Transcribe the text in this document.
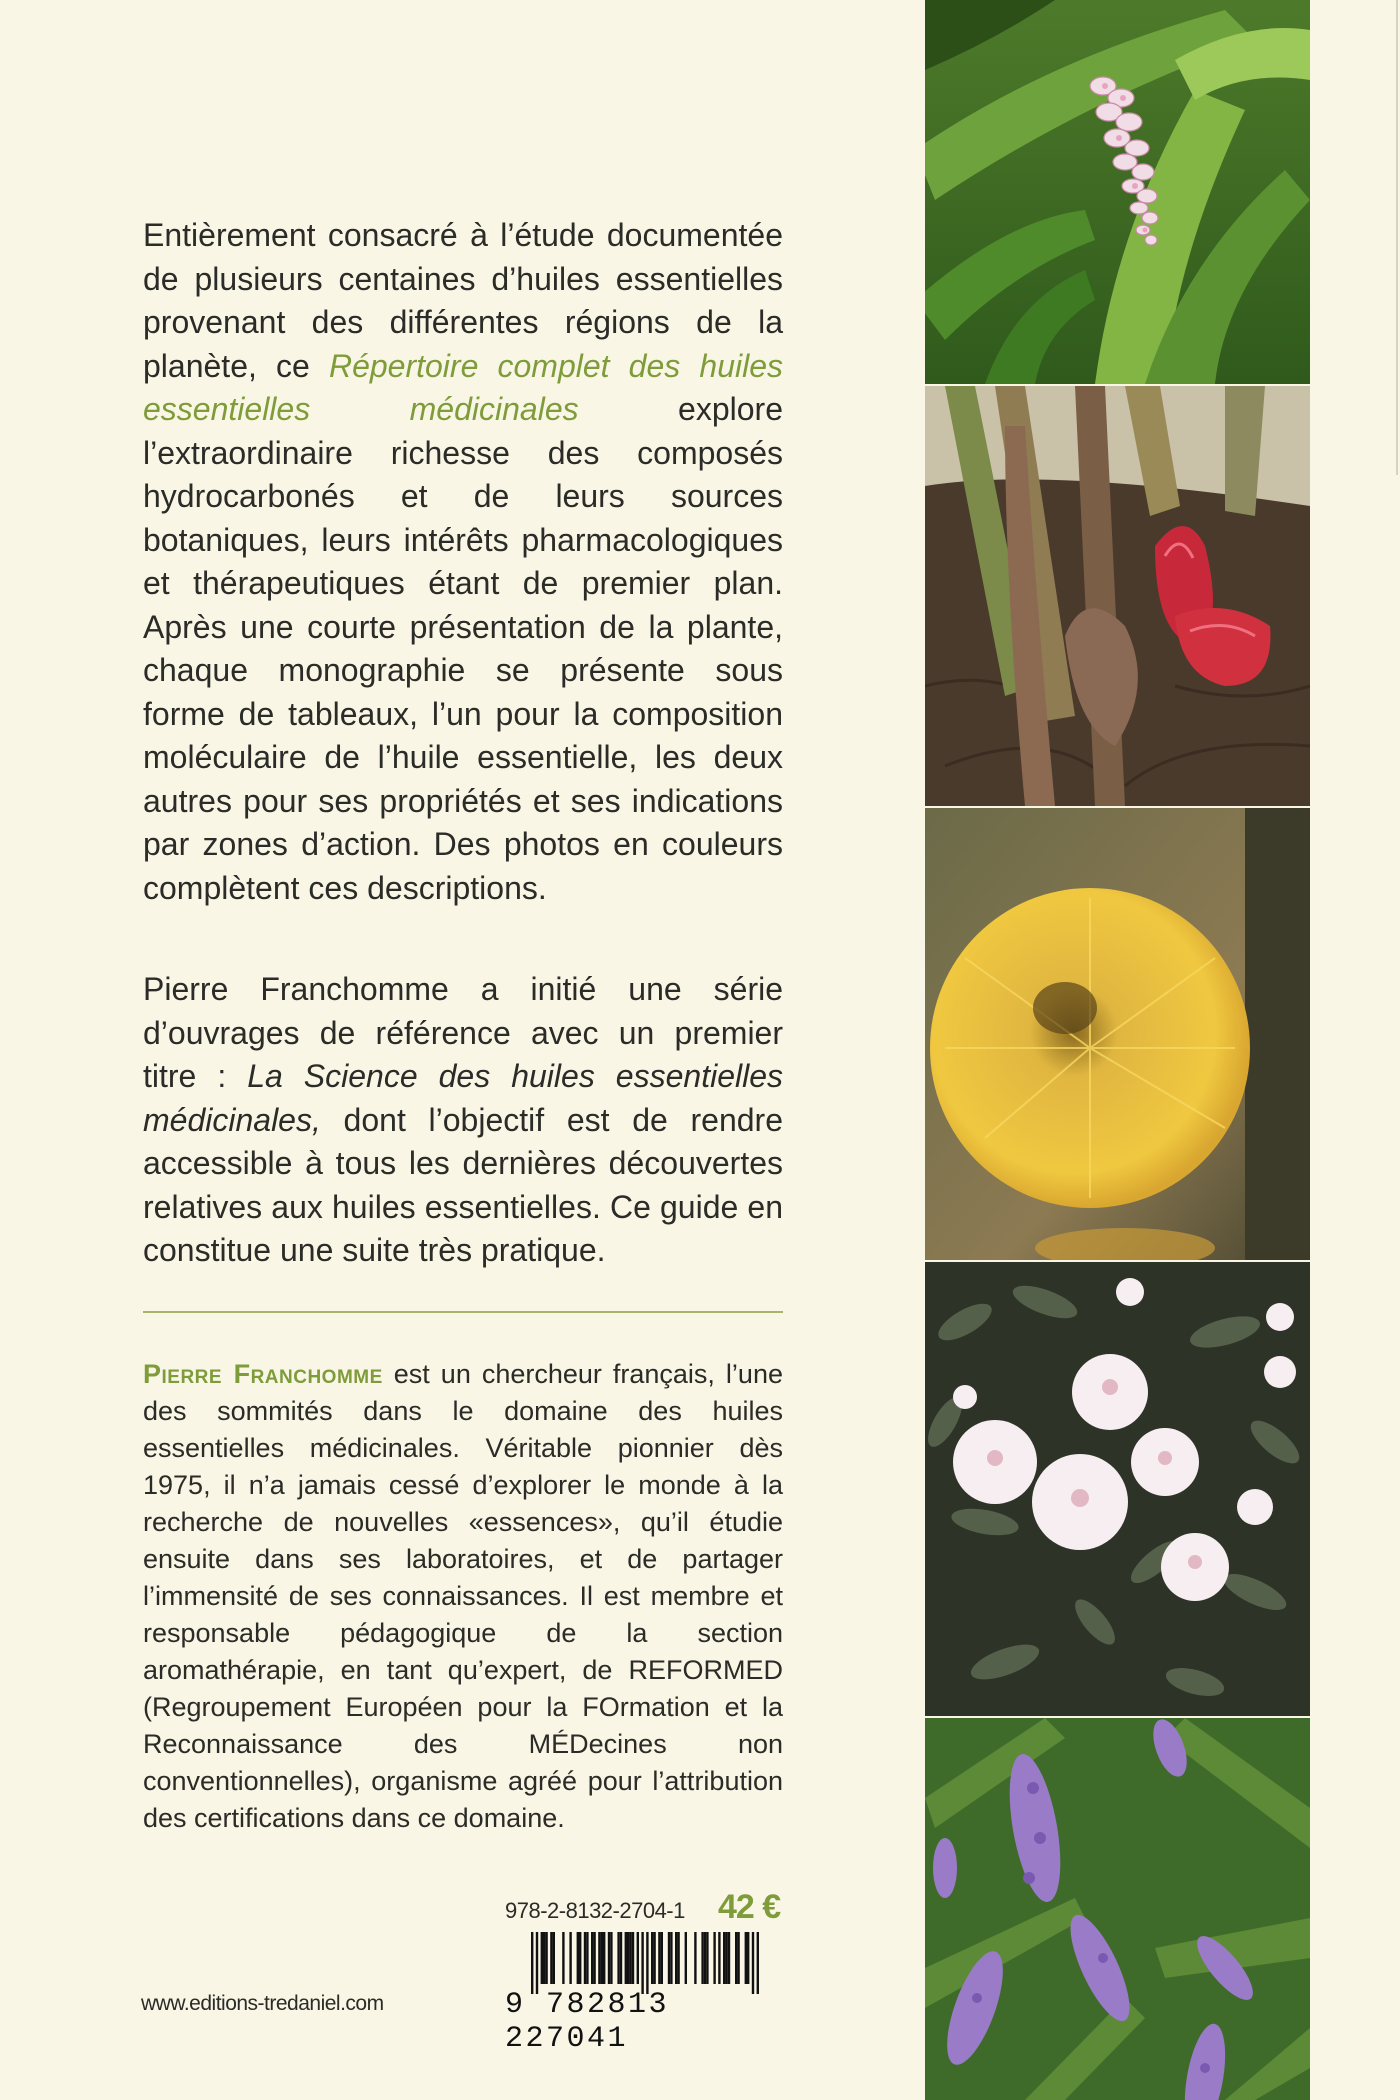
Entièrement consacré à l’étude documentée de plusieurs centaines d’huiles essentielles provenant des différentes régions de la planète, ce Répertoire complet des huiles essentielles médicinales explore l’extraordinaire richesse des composés hydrocarbonés et de leurs sources botaniques, leurs intérêts pharmacologiques et thérapeutiques étant de premier plan. Après une courte présentation de la plante, chaque monographie se présente sous forme de tableaux, l’un pour la composition moléculaire de l’huile essentielle, les deux autres pour ses propriétés et ses indications par zones d’action. Des photos en couleurs complètent ces descriptions.

Pierre Franchomme a initié une série d’ouvrages de référence avec un premier titre : La Science des huiles essentielles médicinales, dont l’objectif est de rendre accessible à tous les dernières découvertes relatives aux huiles essentielles. Ce guide en constitue une suite très pratique.

Pierre Franchomme est un chercheur français, l’une des sommités dans le domaine des huiles essentielles médicinales. Véritable pionnier dès 1975, il n’a jamais cessé d’explorer le monde à la recherche de nouvelles «essences», qu’il étudie ensuite dans ses laboratoires, et de partager l’immensité de ses connaissances. Il est membre et responsable pédagogique de la section aromathérapie, en tant qu’expert, de REFORMED (Regroupement Européen pour la FOrmation et la Reconnaissance des MÉDecines non conventionnelles), organisme agréé pour l’attribution des certifications dans ce domaine.

978-2-8132-2704-1 42 €
9 782813 227041
www.editions-tredaniel.com
